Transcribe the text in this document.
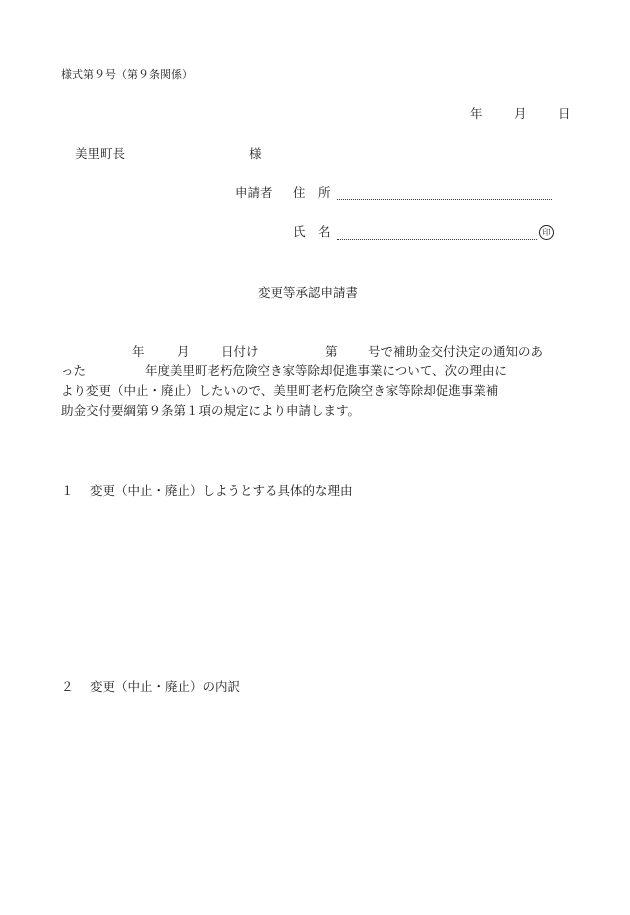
様式第９号（第９条関係）
年	月	日
美里町長	様
申請者 住　所
氏　名	印
変更等承認申請書
年	月	日付け	第 号で補助金交付決定の通知のあ
った	年度美里町老朽危険空き家等除却促進事業について、次の理由に
より変更（中止・廃止）したいので、美里町老朽危険空き家等除却促進事業補
助金交付要綱第９条第１項の規定により申請します。
１ 変更（中止・廃止）しようとする具体的な理由
２ 変更（中止・廃止）の内訳
